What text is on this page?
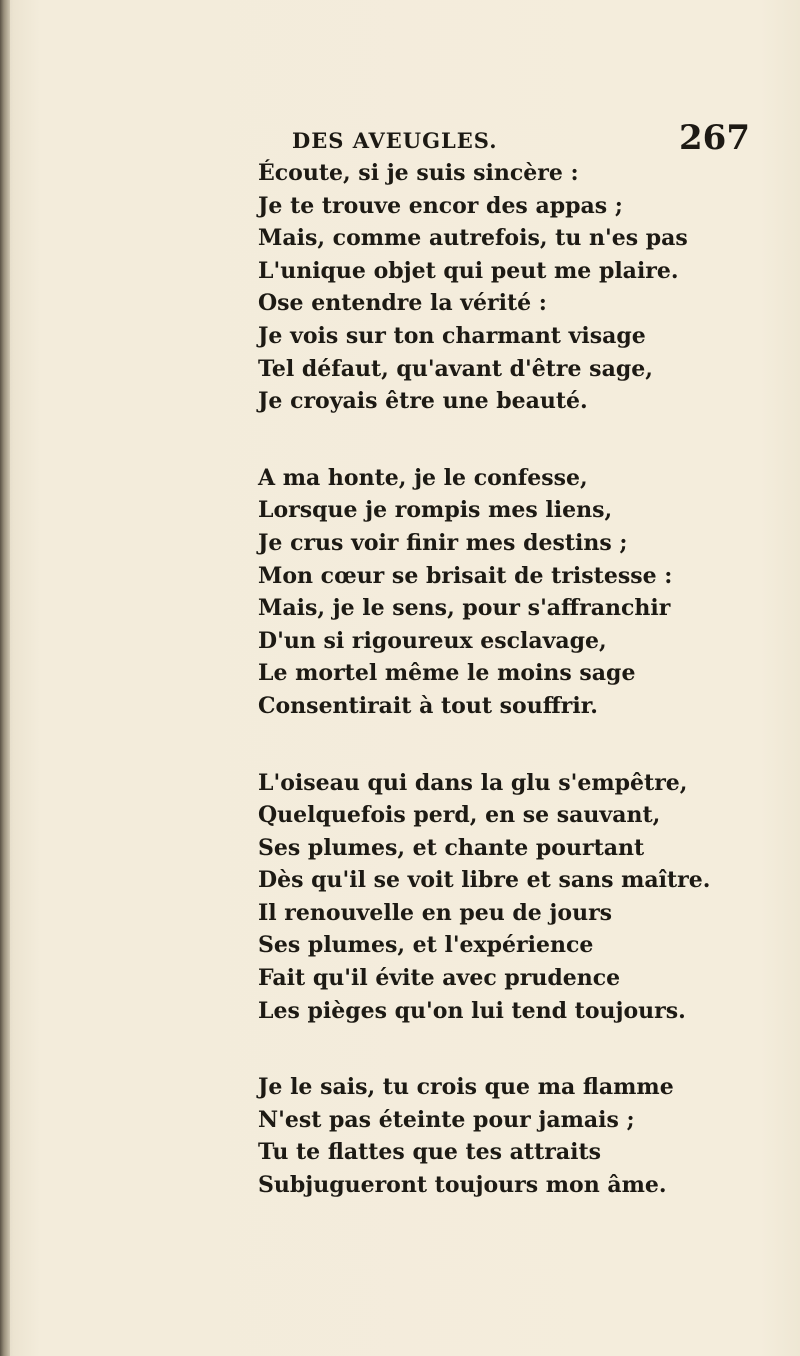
DES AVEUGLES.	267
Écoute, si je suis sincère :
Je te trouve encor des appas ;
Mais, comme autrefois, tu n'es pas
L'unique objet qui peut me plaire.
Ose entendre la vérité :
Je vois sur ton charmant visage
Tel défaut, qu'avant d'être sage,
Je croyais être une beauté.
A ma honte, je le confesse,
Lorsque je rompis mes liens,
Je crus voir finir mes destins ;
Mon cœur se brisait de tristesse :
Mais, je le sens, pour s'affranchir
D'un si rigoureux esclavage,
Le mortel même le moins sage
Consentirait à tout souffrir.
L'oiseau qui dans la glu s'empêtre,
Quelquefois perd, en se sauvant,
Ses plumes, et chante pourtant
Dès qu'il se voit libre et sans maître.
Il renouvelle en peu de jours
Ses plumes, et l'expérience
Fait qu'il évite avec prudence
Les pièges qu'on lui tend toujours.
Je le sais, tu crois que ma flamme
N'est pas éteinte pour jamais ;
Tu te flattes que tes attraits
Subjugueront toujours mon âme.
